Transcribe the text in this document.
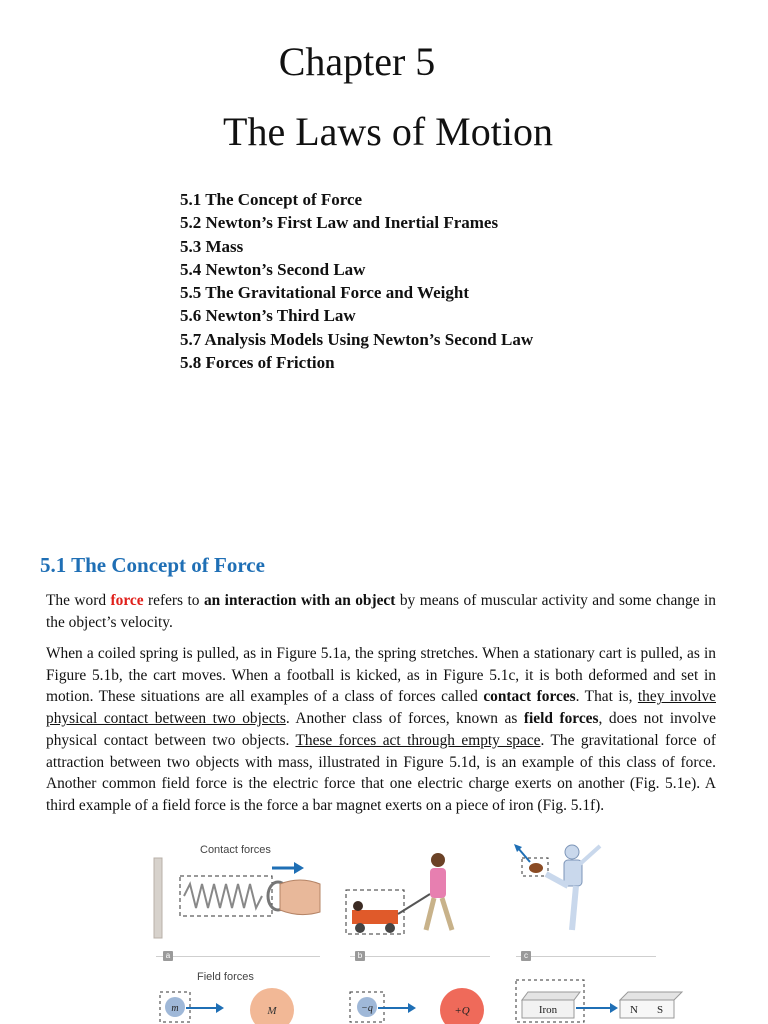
Chapter 5
The Laws of Motion
5.1 The Concept of Force
5.2 Newton’s First Law and Inertial Frames
5.3 Mass
5.4 Newton’s Second Law
5.5 The Gravitational Force and Weight
5.6 Newton’s Third Law
5.7 Analysis Models Using Newton’s Second Law
5.8 Forces of Friction
5.1 The Concept of Force

The word force refers to an interaction with an object by means of muscular activity and some change in the object’s velocity.

When a coiled spring is pulled, as in Figure 5.1a, the spring stretches. When a stationary cart is pulled, as in Figure 5.1b, the cart moves. When a football is kicked, as in Figure 5.1c, it is both deformed and set in motion. These situations are all examples of a class of forces called contact forces. That is, they involve physical contact between two objects. Another class of forces, known as field forces, does not involve physical contact between two objects. These forces act through empty space. The gravitational force of attraction between two objects with mass, illustrated in Figure 5.1d, is an example of this class of force. Another common field force is the electric force that one electric charge exerts on another (Fig. 5.1e). A third example of a field force is the force a bar magnet exerts on a piece of iron (Fig. 5.1f).

Contact forces
a	b	c
Field forces
m	M	−q	+Q	Iron	N S
